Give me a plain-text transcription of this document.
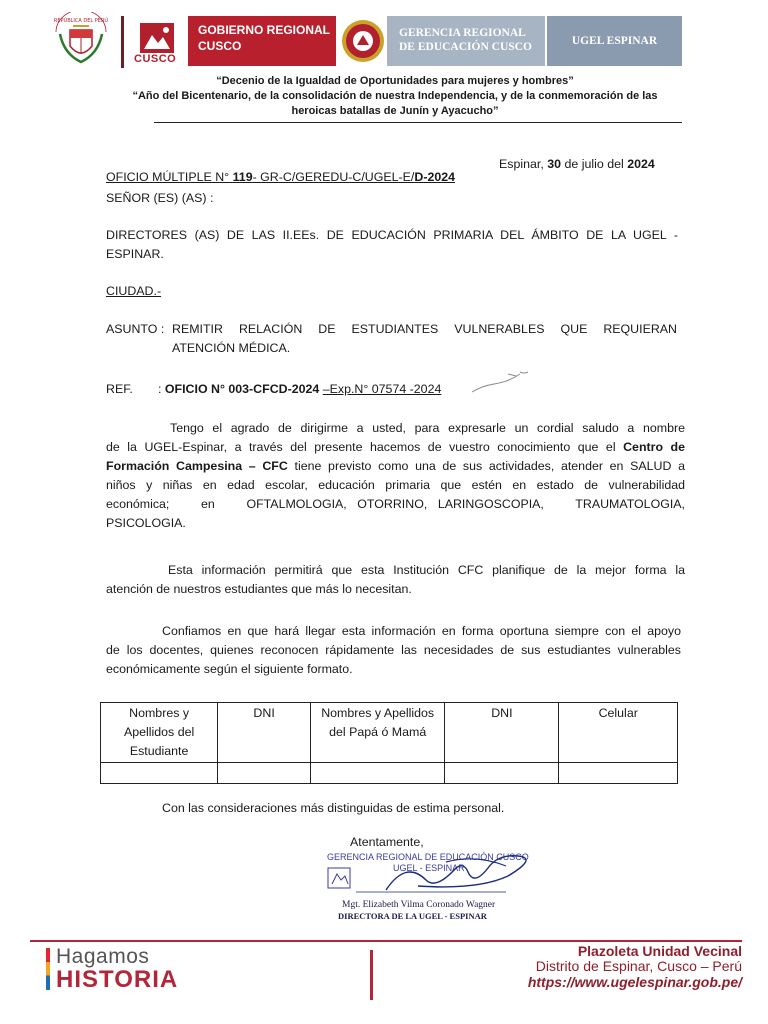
REPÚBLICA DEL PERÚ
CUSCO
GOBIERNO REGIONAL
CUSCO
GERENCIA REGIONAL
DE EDUCACIÓN CUSCO	UGEL ESPINAR
“Decenio de la Igualdad de Oportunidades para mujeres y hombres”
“Año del Bicentenario, de la consolidación de nuestra Independencia, y de la conmemoración de las
heroicas batallas de Junín y Ayacucho”
Espinar, 30 de julio del 2024
OFICIO MÚLTIPLE N° 119- GR-C/GEREDU-C/UGEL-E/D-2024
SEÑOR (ES) (AS) :
DIRECTORES (AS) DE LAS II.EEs. DE EDUCACIÓN PRIMARIA DEL ÁMBITO DE LA UGEL -
ESPINAR.
CIUDAD.-
ASUNTO : REMITIR RELACIÓN DE ESTUDIANTES VULNERABLES QUE REQUIERAN
ATENCIÓN MÉDICA.
REF. : OFICIO N° 003-CFCD-2024 –Exp.N° 07574 -2024
Tengo el agrado de dirigirme a usted, para expresarle un cordial saludo a nombre
de la UGEL-Espinar, a través del presente hacemos de vuestro conocimiento que el Centro de
Formación Campesina – CFC tiene previsto como una de sus actividades, atender en SALUD a
niños y niñas en edad escolar, educación primaria que estén en estado de vulnerabilidad
económica;   en   OFTALMOLOGIA, OTORRINO, LARINGOSCOPIA,   TRAUMATOLOGIA,
PSICOLOGIA.
Esta información permitirá que esta Institución CFC planifique de la mejor forma la
atención de nuestros estudiantes que más lo necesitan.
Confiamos en que hará llegar esta información en forma oportuna siempre con el apoyo
de los docentes, quienes reconocen rápidamente las necesidades de sus estudiantes vulnerables
económicamente según el siguiente formato.
Nombres y Apellidos del Estudiante	DNI	Nombres y Apellidos del Papá ó Mamá	DNI	Celular

Con las consideraciones más distinguidas de estima personal.
Atentamente,
GERENCIA REGIONAL DE EDUCACIÓN CUSCO
UGEL - ESPINAR
Mgt. Elizabeth Vilma Coronado Wagner
DIRECTORA DE LA UGEL - ESPINAR
Hagamos
HISTORIA
Plazoleta Unidad Vecinal
Distrito de Espinar, Cusco – Perú
https://www.ugelespinar.gob.pe/
